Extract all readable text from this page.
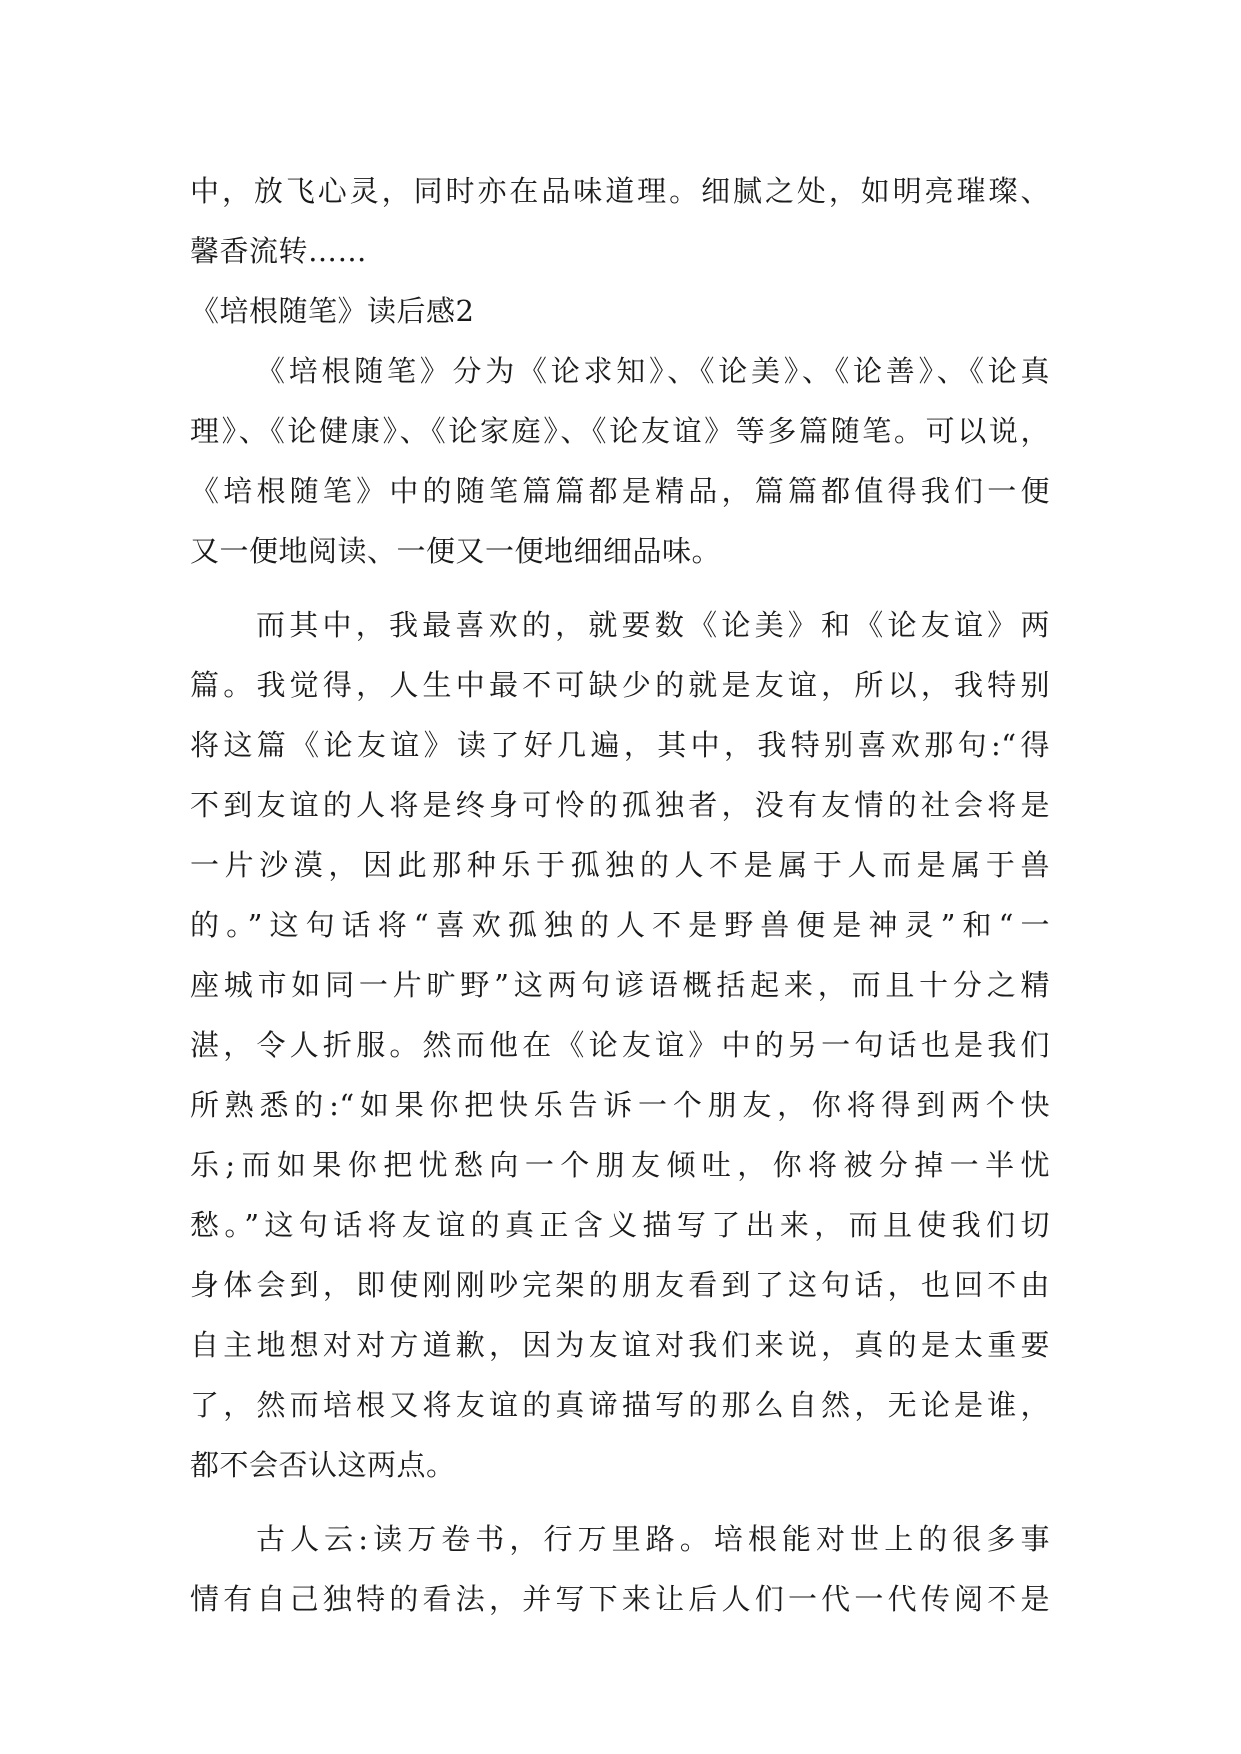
中，放飞心灵，同时亦在品味道理。细腻之处，如明亮璀璨、
馨香流转……
《培根随笔》读后感2
《培根随笔》分为《论求知》、《论美》、《论善》、《论真
理》、《论健康》、《论家庭》、《论友谊》等多篇随笔。可以说，
《培根随笔》中的随笔篇篇都是精品，篇篇都值得我们一便
又一便地阅读、一便又一便地细细品味。
而其中，我最喜欢的，就要数《论美》和《论友谊》两
篇。我觉得，人生中最不可缺少的就是友谊，所以，我特别
将这篇《论友谊》读了好几遍，其中，我特别喜欢那句:“得
不到友谊的人将是终身可怜的孤独者，没有友情的社会将是
一片沙漠，因此那种乐于孤独的人不是属于人而是属于兽
的。”这句话将“喜欢孤独的人不是野兽便是神灵”和“一
座城市如同一片旷野”这两句谚语概括起来，而且十分之精
湛，令人折服。然而他在《论友谊》中的另一句话也是我们
所熟悉的:“如果你把快乐告诉一个朋友，你将得到两个快
乐;而如果你把忧愁向一个朋友倾吐，你将被分掉一半忧
愁。”这句话将友谊的真正含义描写了出来，而且使我们切
身体会到，即使刚刚吵完架的朋友看到了这句话，也回不由
自主地想对对方道歉，因为友谊对我们来说，真的是太重要
了，然而培根又将友谊的真谛描写的那么自然，无论是谁，
都不会否认这两点。
古人云:读万卷书，行万里路。培根能对世上的很多事
情有自己独特的看法，并写下来让后人们一代一代传阅不是
